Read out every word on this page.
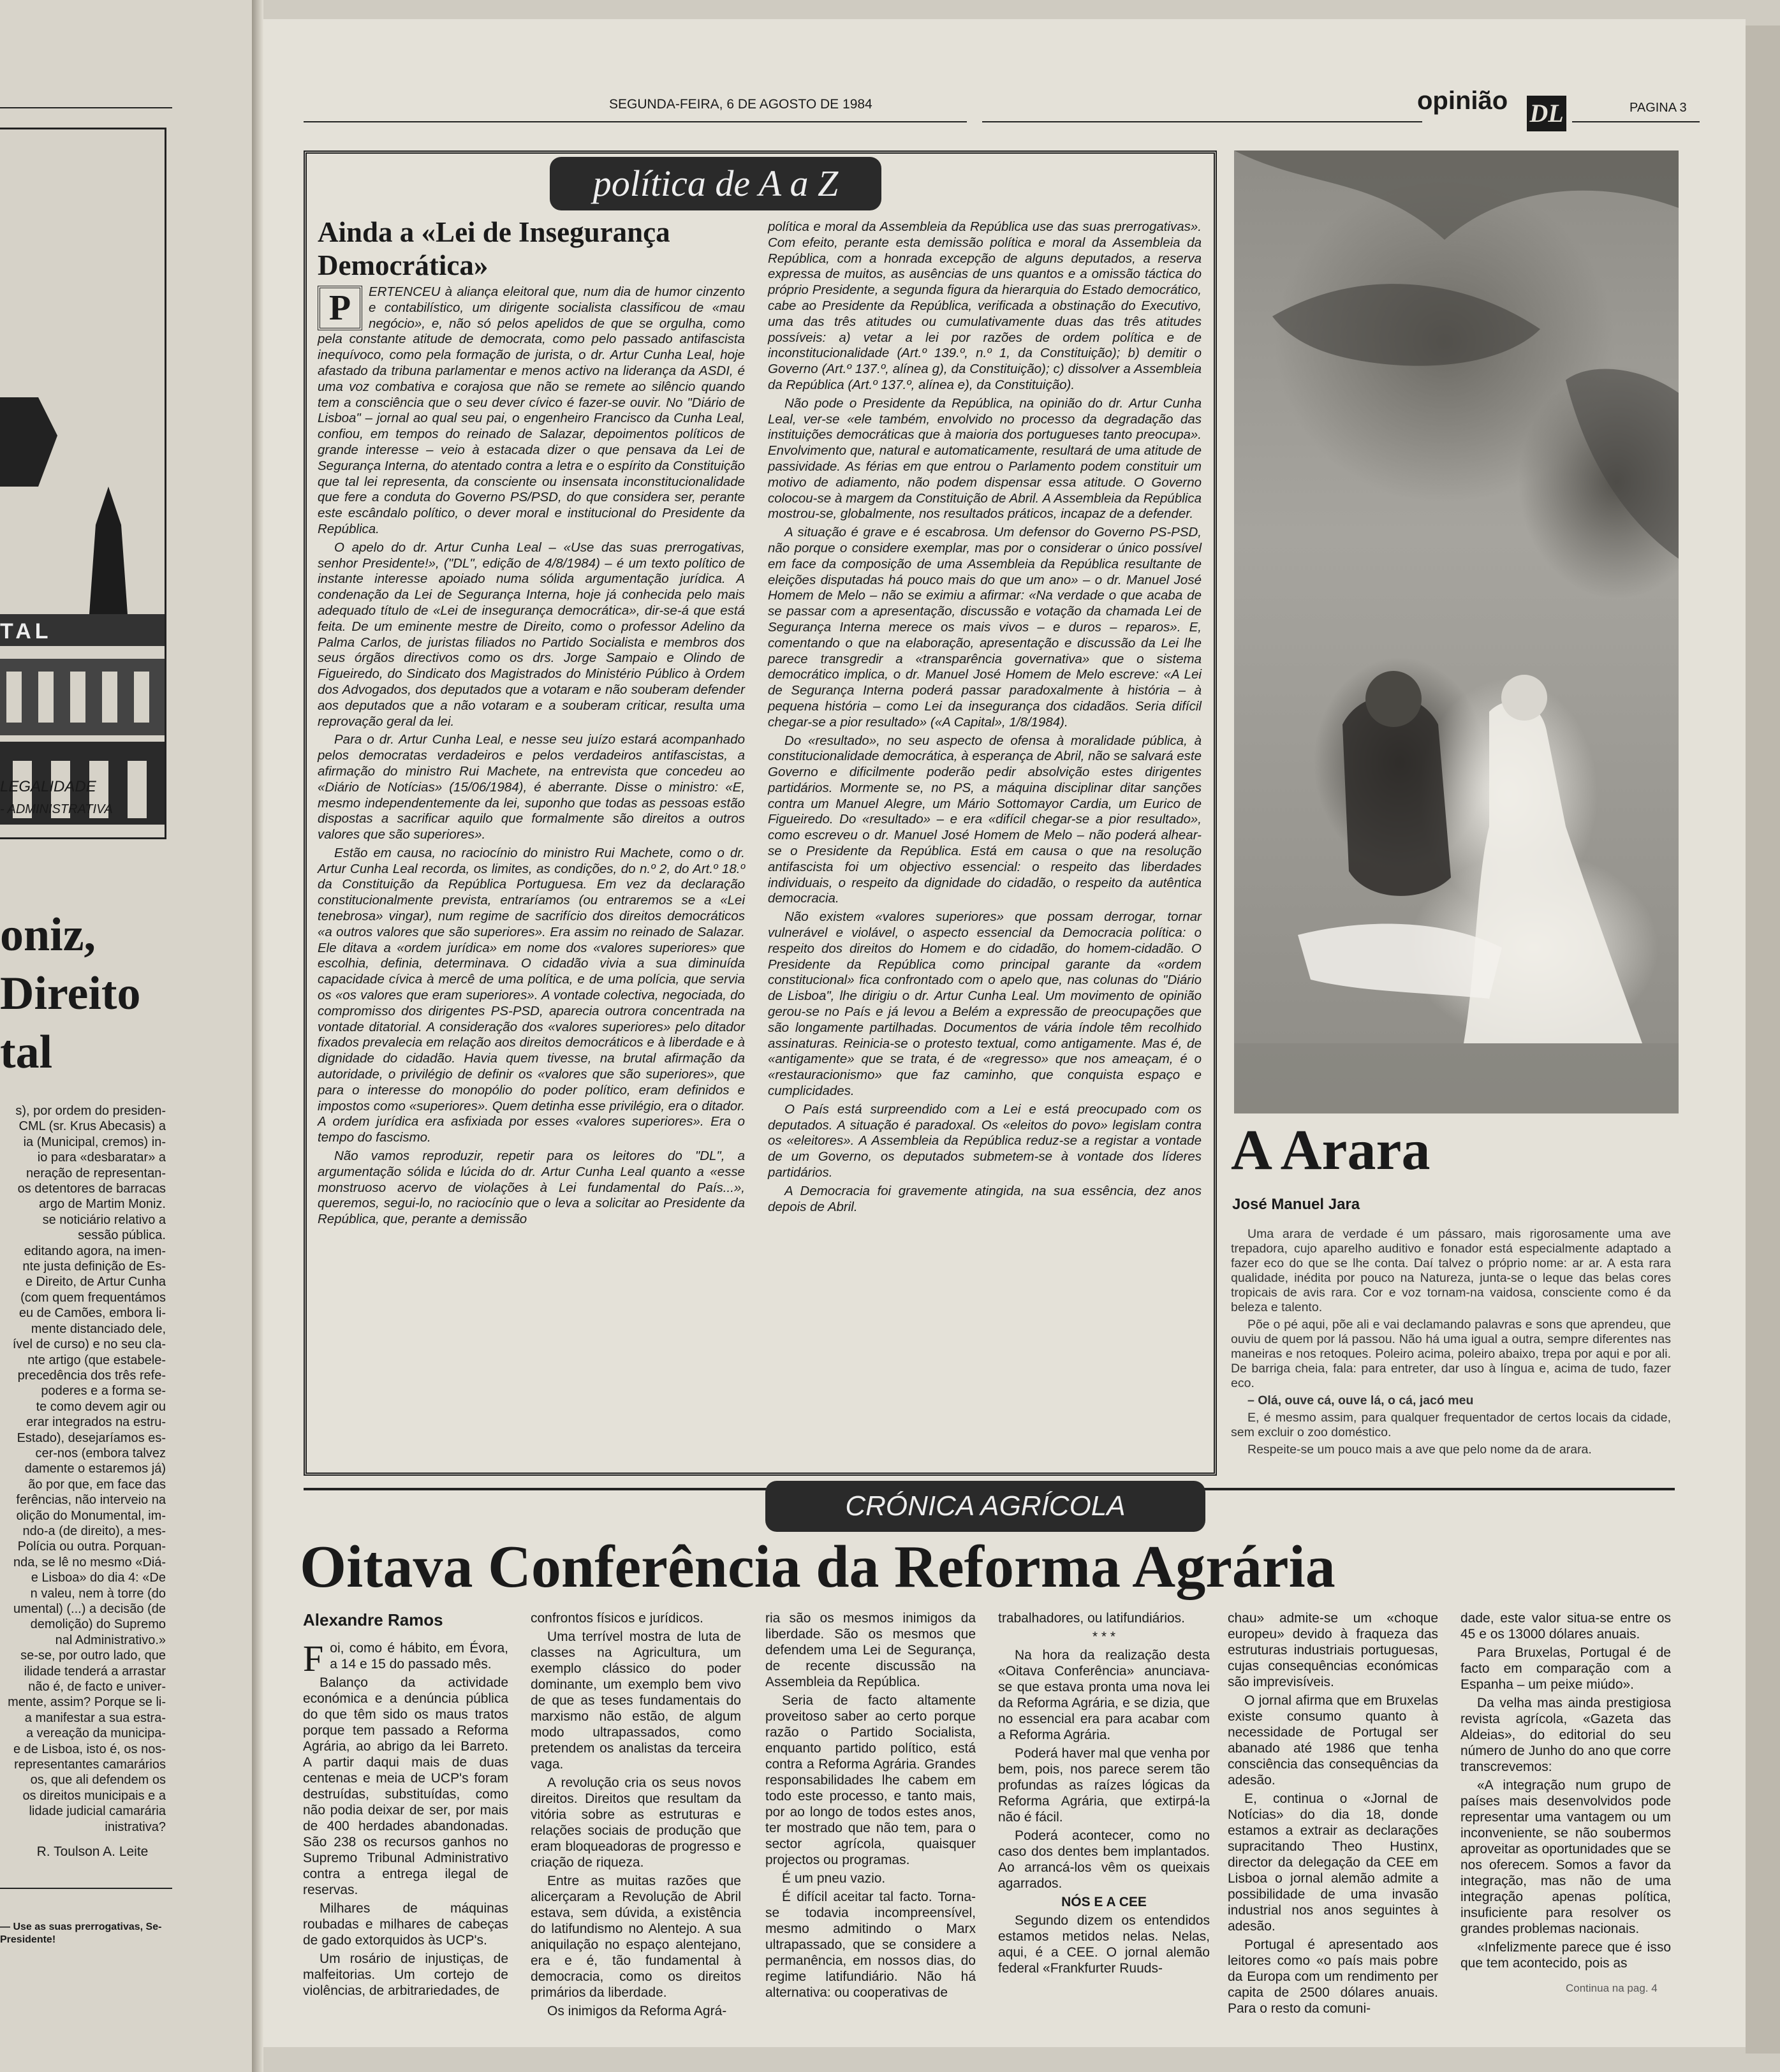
TAL
LEGALIDADE
- ADMINISTRATIVA
oniz,
Direito
tal
s), por ordem do presiden-
CML (sr. Krus Abecasis) a
ia (Municipal, cremos) in-
io para «desbaratar» a
neração de representan-
os detentores de barracas
argo de Martim Moniz.
se noticiário relativo a
sessão pública.
editando agora, na imen-
nte justa definição de Es-
e Direito, de Artur Cunha
(com quem frequentámos
eu de Camões, embora li-
mente distanciado dele,
ível de curso) e no seu cla-
nte artigo (que estabele-
precedência dos três refe-
poderes e a forma se-
te como devem agir ou
erar integrados na estru-
Estado), desejaríamos es-
cer-nos (embora talvez
damente o estaremos já)
ão por que, em face das
ferências, não interveio na
olição do Monumental, im-
ndo-a (de direito), a mes-
Polícia ou outra. Porquan-
nda, se lê no mesmo «Diá-
e Lisboa» do dia 4: «De
n valeu, nem à torre (do
umental) (...) a decisão (de
demolição) do Supremo
nal Administrativo.»
se-se, por outro lado, que
ilidade tenderá a arrastar
não é, de facto e univer-
mente, assim? Porque se li-
a manifestar a sua estra-
a vereação da municipa-
e de Lisboa, isto é, os nos-
representantes camarários
os, que ali defendem os
os direitos municipais e a
lidade judicial camarária
inistrativa?
R. Toulson A. Leite
— Use as suas prerrogativas, Se-
Presidente!
SEGUNDA-FEIRA, 6 DE AGOSTO DE 1984	opinião DL	PAGINA 3
política de A a Z
Ainda a «Lei de Insegurança Democrática»
P	ERTENCEU à aliança eleitoral que, num dia de humor cinzento e contabilístico, um dirigente socialista classificou de «mau negócio», e, não só pelos apelidos de que se orgulha, como pela constante atitude de democrata, como pelo passado antifascista inequívoco, como pela formação de jurista, o dr. Artur Cunha Leal, hoje afastado da tribuna parlamentar e menos activo na liderança da ASDI, é uma voz combativa e corajosa que não se remete ao silêncio quando tem a consciência que o seu dever cívico é fazer-se ouvir. No "Diário de Lisboa" – jornal ao qual seu pai, o engenheiro Francisco da Cunha Leal, confiou, em tempos do reinado de Salazar, depoimentos políticos de grande interesse – veio à estacada dizer o que pensava da Lei de Segurança Interna, do atentado contra a letra e o espírito da Constituição que tal lei representa, da consciente ou insensata inconstitucionalidade que fere a conduta do Governo PS/PSD, do que considera ser, perante este escândalo político, o dever moral e institucional do Presidente da República.

O apelo do dr. Artur Cunha Leal – «Use das suas prerrogativas, senhor Presidente!», ("DL", edição de 4/8/1984) – é um texto político de instante interesse apoiado numa sólida argumentação jurídica. A condenação da Lei de Segurança Interna, hoje já conhecida pelo mais adequado título de «Lei de insegurança democrática», dir-se-á que está feita. De um eminente mestre de Direito, como o professor Adelino da Palma Carlos, de juristas filiados no Partido Socialista e membros dos seus órgãos directivos como os drs. Jorge Sampaio e Olindo de Figueiredo, do Sindicato dos Magistrados do Ministério Público à Ordem dos Advogados, dos deputados que a votaram e não souberam defender aos deputados que a não votaram e a souberam criticar, resulta uma reprovação geral da lei.

Para o dr. Artur Cunha Leal, e nesse seu juízo estará acompanhado pelos democratas verdadeiros e pelos verdadeiros antifascistas, a afirmação do ministro Rui Machete, na entrevista que concedeu ao «Diário de Notícias» (15/06/1984), é aberrante. Disse o ministro: «E, mesmo independentemente da lei, suponho que todas as pessoas estão dispostas a sacrificar aquilo que formalmente são direitos a outros valores que são superiores».

Estão em causa, no raciocínio do ministro Rui Machete, como o dr. Artur Cunha Leal recorda, os limites, as condições, do n.º 2, do Art.º 18.º da Constituição da República Portuguesa. Em vez da declaração constitucionalmente prevista, entraríamos (ou entraremos se a «Lei tenebrosa» vingar), num regime de sacrifício dos direitos democráticos «a outros valores que são superiores». Era assim no reinado de Salazar. Ele ditava a «ordem jurídica» em nome dos «valores superiores» que escolhia, definia, determinava. O cidadão vivia a sua diminuída capacidade cívica à mercê de uma política, e de uma polícia, que servia os «os valores que eram superiores». A vontade colectiva, negociada, do compromisso dos dirigentes PS-PSD, aparecia outrora concentrada na vontade ditatorial. A consideração dos «valores superiores» pelo ditador fixados prevalecia em relação aos direitos democráticos e à liberdade e à dignidade do cidadão. Havia quem tivesse, na brutal afirmação da autoridade, o privilégio de definir os «valores que são superiores», que para o interesse do monopólio do poder político, eram definidos e impostos como «superiores». Quem detinha esse privilégio, era o ditador. A ordem jurídica era asfixiada por esses «valores superiores». Era o tempo do fascismo.

Não vamos reproduzir, repetir para os leitores do "DL", a argumentação sólida e lúcida do dr. Artur Cunha Leal quanto a «esse monstruoso acervo de violações à Lei fundamental do País...», queremos, segui-lo, no raciocínio que o leva a solicitar ao Presidente da República, que, perante a demissão

política e moral da Assembleia da República use das suas prerrogativas». Com efeito, perante esta demissão política e moral da Assembleia da República, com a honrada excepção de alguns deputados, a reserva expressa de muitos, as ausências de uns quantos e a omissão táctica do próprio Presidente, a segunda figura da hierarquia do Estado democrático, cabe ao Presidente da República, verificada a obstinação do Executivo, uma das três atitudes ou cumulativamente duas das três atitudes possíveis: a) vetar a lei por razões de ordem política e de inconstitucionalidade (Art.º 139.º, n.º 1, da Constituição); b) demitir o Governo (Art.º 137.º, alínea g), da Constituição); c) dissolver a Assembleia da República (Art.º 137.º, alínea e), da Constituição).

Não pode o Presidente da República, na opinião do dr. Artur Cunha Leal, ver-se «ele também, envolvido no processo da degradação das instituições democráticas que à maioria dos portugueses tanto preocupa». Envolvimento que, natural e automaticamente, resultará de uma atitude de passividade. As férias em que entrou o Parlamento podem constituir um motivo de adiamento, não podem dispensar essa atitude. O Governo colocou-se à margem da Constituição de Abril. A Assembleia da República mostrou-se, globalmente, nos resultados práticos, incapaz de a defender.

A situação é grave e é escabrosa. Um defensor do Governo PS-PSD, não porque o considere exemplar, mas por o considerar o único possível em face da composição de uma Assembleia da República resultante de eleições disputadas há pouco mais do que um ano» – o dr. Manuel José Homem de Melo – não se eximiu a afirmar: «Na verdade o que acaba de se passar com a apresentação, discussão e votação da chamada Lei de Segurança Interna merece os mais vivos – e duros – reparos». E, comentando o que na elaboração, apresentação e discussão da Lei lhe parece transgredir a «transparência governativa» que o sistema democrático implica, o dr. Manuel José Homem de Melo escreve: «A Lei de Segurança Interna poderá passar paradoxalmente à história – à pequena história – como Lei da insegurança dos cidadãos. Seria difícil chegar-se a pior resultado» («A Capital», 1/8/1984).

Do «resultado», no seu aspecto de ofensa à moralidade pública, à constitucionalidade democrática, à esperança de Abril, não se salvará este Governo e dificilmente poderão pedir absolvição estes dirigentes partidários. Mormente se, no PS, a máquina disciplinar ditar sanções contra um Manuel Alegre, um Mário Sottomayor Cardia, um Eurico de Figueiredo. Do «resultado» – e era «difícil chegar-se a pior resultado», como escreveu o dr. Manuel José Homem de Melo – não poderá alhear-se o Presidente da República. Está em causa o que na resolução antifascista foi um objectivo essencial: o respeito das liberdades individuais, o respeito da dignidade do cidadão, o respeito da autêntica democracia.

Não existem «valores superiores» que possam derrogar, tornar vulnerável e violável, o aspecto essencial da Democracia política: o respeito dos direitos do Homem e do cidadão, do homem-cidadão. O Presidente da República como principal garante da «ordem constitucional» fica confrontado com o apelo que, nas colunas do "Diário de Lisboa", lhe dirigiu o dr. Artur Cunha Leal. Um movimento de opinião gerou-se no País e já levou a Belém a expressão de preocupações que são longamente partilhadas. Documentos de vária índole têm recolhido assinaturas. Reinicia-se o protesto textual, como antigamente. Mas é, de «antigamente» que se trata, é de «regresso» que nos ameaçam, é o «restauracionismo» que faz caminho, que conquista espaço e cumplicidades.

O País está surpreendido com a Lei e está preocupado com os deputados. A situação é paradoxal. Os «eleitos do povo» legislam contra os «eleitores». A Assembleia da República reduz-se a registar a vontade de um Governo, os deputados submetem-se à vontade dos líderes partidários.

A Democracia foi gravemente atingida, na sua essência, dez anos depois de Abril.

A Arara
José Manuel Jara

Uma arara de verdade é um pássaro, mais rigorosamente uma ave trepadora, cujo aparelho auditivo e fonador está especialmente adaptado a fazer eco do que se lhe conta. Daí talvez o próprio nome: ar ar. A esta rara qualidade, inédita por pouco na Natureza, junta-se o leque das belas cores tropicais de avis rara. Cor e voz tornam-na vaidosa, consciente como é da beleza e talento.

Põe o pé aqui, põe ali e vai declamando palavras e sons que aprendeu, que ouviu de quem por lá passou. Não há uma igual a outra, sempre diferentes nas maneiras e nos retoques. Poleiro acima, poleiro abaixo, trepa por aqui e por ali. De barriga cheia, fala: para entreter, dar uso à língua e, acima de tudo, fazer eco.

– Olá, ouve cá, ouve lá, o cá, jacó meu

E, é mesmo assim, para qualquer frequentador de certos locais da cidade, sem excluir o zoo doméstico.

Respeite-se um pouco mais a ave que pelo nome da de arara.

CRÓNICA AGRÍCOLA
Oitava Conferência da Reforma Agrária
Alexandre Ramos
F oi, como é hábito, em Évora, a 14 e 15 do passado mês.

Balanço da actividade económica e a denúncia pública do que têm sido os maus tratos porque tem passado a Reforma Agrária, ao abrigo da lei Barreto. A partir daqui mais de duas centenas e meia de UCP's foram destruídas, substituídas, como não podia deixar de ser, por mais de 400 herdades abandonadas. São 238 os recursos ganhos no Supremo Tribunal Administrativo contra a entrega ilegal de reservas.

Milhares de máquinas roubadas e milhares de cabeças de gado extorquidos às UCP's.

Um rosário de injustiças, de malfeitorias. Um cortejo de violências, de arbitrariedades, de

confrontos físicos e jurídicos.

Uma terrível mostra de luta de classes na Agricultura, um exemplo clássico do poder dominante, um exemplo bem vivo de que as teses fundamentais do marxismo não estão, de algum modo ultrapassados, como pretendem os analistas da terceira vaga.

A revolução cria os seus novos direitos. Direitos que resultam da vitória sobre as estruturas e relações sociais de produção que eram bloqueadoras de progresso e criação de riqueza.

Entre as muitas razões que alicerçaram a Revolução de Abril estava, sem dúvida, a existência do latifundismo no Alentejo. A sua aniquilação no espaço alentejano, era e é, tão fundamental à democracia, como os direitos primários da liberdade.

Os inimigos da Reforma Agrá-

ria são os mesmos inimigos da liberdade. São os mesmos que defendem uma Lei de Segurança, de recente discussão na Assembleia da República.

Seria de facto altamente proveitoso saber ao certo porque razão o Partido Socialista, enquanto partido político, está contra a Reforma Agrária. Grandes responsabilidades lhe cabem em todo este processo, e tanto mais, por ao longo de todos estes anos, ter mostrado que não tem, para o sector agrícola, quaisquer projectos ou programas.

É um pneu vazio.

É difícil aceitar tal facto. Torna-se todavia incompreensível, mesmo admitindo o Marx ultrapassado, que se considere a permanência, em nossos dias, do regime latifundiário. Não há alternativa: ou cooperativas de

trabalhadores, ou latifundiários.

* * *

Na hora da realização desta «Oitava Conferência» anunciava-se que estava pronta uma nova lei da Reforma Agrária, e se dizia, que no essencial era para acabar com a Reforma Agrária.

Poderá haver mal que venha por bem, pois, nos parece serem tão profundas as raízes lógicas da Reforma Agrária, que extirpá-la não é fácil.

Poderá acontecer, como no caso dos dentes bem implantados. Ao arrancá-los vêm os queixais agarrados.

NÓS E A CEE

Segundo dizem os entendidos estamos metidos nelas. Nelas, aqui, é a CEE. O jornal alemão federal «Frankfurter Ruuds-

chau» admite-se um «choque europeu» devido à fraqueza das estruturas industriais portuguesas, cujas consequências económicas são imprevisíveis.

O jornal afirma que em Bruxelas existe consumo quanto à necessidade de Portugal ser abanado até 1986 que tenha consciência das consequências da adesão.

E, continua o «Jornal de Notícias» do dia 18, donde estamos a extrair as declarações supracitando Theo Hustinx, director da delegação da CEE em Lisboa o jornal alemão admite a possibilidade de uma invasão industrial nos anos seguintes à adesão.

Portugal é apresentado aos leitores como «o país mais pobre da Europa com um rendimento per capita de 2500 dólares anuais. Para o resto da comuni-

dade, este valor situa-se entre os 45 e os 13000 dólares anuais.

Para Bruxelas, Portugal é de facto em comparação com a Espanha – um peixe miúdo».

Da velha mas ainda prestigiosa revista agrícola, «Gazeta das Aldeias», do editorial do seu número de Junho do ano que corre transcrevemos:

«A integração num grupo de países mais desenvolvidos pode representar uma vantagem ou um inconveniente, se não soubermos aproveitar as oportunidades que se nos oferecem. Somos a favor da integração, mas não de uma integração apenas política, insuficiente para resolver os grandes problemas nacionais.

«Infelizmente parece que é isso que tem acontecido, pois as

Continua na pag. 4
